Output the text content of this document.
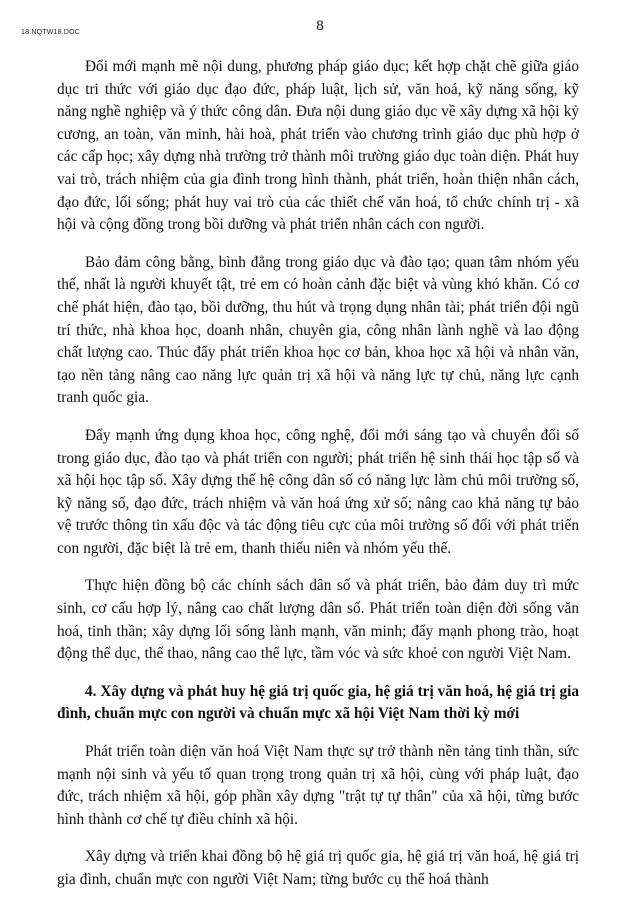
18.NQTW18.DOC	8

Đổi mới mạnh mẽ nội dung, phương pháp giáo dục; kết hợp chặt chẽ giữa giáo dục tri thức với giáo dục đạo đức, pháp luật, lịch sử, văn hoá, kỹ năng sống, kỹ năng nghề nghiệp và ý thức công dân. Đưa nội dung giáo dục về xây dựng xã hội kỷ cương, an toàn, văn minh, hài hoà, phát triển vào chương trình giáo dục phù hợp ở các cấp học; xây dựng nhà trường trở thành môi trường giáo dục toàn diện. Phát huy vai trò, trách nhiệm của gia đình trong hình thành, phát triển, hoàn thiện nhân cách, đạo đức, lối sống; phát huy vai trò của các thiết chế văn hoá, tổ chức chính trị - xã hội và cộng đồng trong bồi dưỡng và phát triển nhân cách con người.

Bảo đảm công bằng, bình đẳng trong giáo dục và đào tạo; quan tâm nhóm yếu thế, nhất là người khuyết tật, trẻ em có hoàn cảnh đặc biệt và vùng khó khăn. Có cơ chế phát hiện, đào tạo, bồi dưỡng, thu hút và trọng dụng nhân tài; phát triển đội ngũ trí thức, nhà khoa học, doanh nhân, chuyên gia, công nhân lành nghề và lao động chất lượng cao. Thúc đẩy phát triển khoa học cơ bản, khoa học xã hội và nhân văn, tạo nền tảng nâng cao năng lực quản trị xã hội và năng lực tự chủ, năng lực cạnh tranh quốc gia.

Đẩy mạnh ứng dụng khoa học, công nghệ, đổi mới sáng tạo và chuyển đổi số trong giáo dục, đào tạo và phát triển con người; phát triển hệ sinh thái học tập số và xã hội học tập số. Xây dựng thế hệ công dân số có năng lực làm chủ môi trường số, kỹ năng số, đạo đức, trách nhiệm và văn hoá ứng xử số; nâng cao khả năng tự bảo vệ trước thông tin xấu độc và tác động tiêu cực của môi trường số đối với phát triển con người, đặc biệt là trẻ em, thanh thiếu niên và nhóm yếu thế.

Thực hiện đồng bộ các chính sách dân số và phát triển, bảo đảm duy trì mức sinh, cơ cấu hợp lý, nâng cao chất lượng dân số. Phát triển toàn diện đời sống văn hoá, tinh thần; xây dựng lối sống lành mạnh, văn minh; đẩy mạnh phong trào, hoạt động thể dục, thể thao, nâng cao thể lực, tầm vóc và sức khoẻ con người Việt Nam.

4. Xây dựng và phát huy hệ giá trị quốc gia, hệ giá trị văn hoá, hệ giá trị gia đình, chuẩn mực con người và chuẩn mực xã hội Việt Nam thời kỳ mới

Phát triển toàn diện văn hoá Việt Nam thực sự trở thành nền tảng tinh thần, sức mạnh nội sinh và yếu tố quan trọng trong quản trị xã hội, cùng với pháp luật, đạo đức, trách nhiệm xã hội, góp phần xây dựng "trật tự tự thân" của xã hội, từng bước hình thành cơ chế tự điều chỉnh xã hội.

Xây dựng và triển khai đồng bộ hệ giá trị quốc gia, hệ giá trị văn hoá, hệ giá trị gia đình, chuẩn mực con người Việt Nam; từng bước cụ thể hoá thành
